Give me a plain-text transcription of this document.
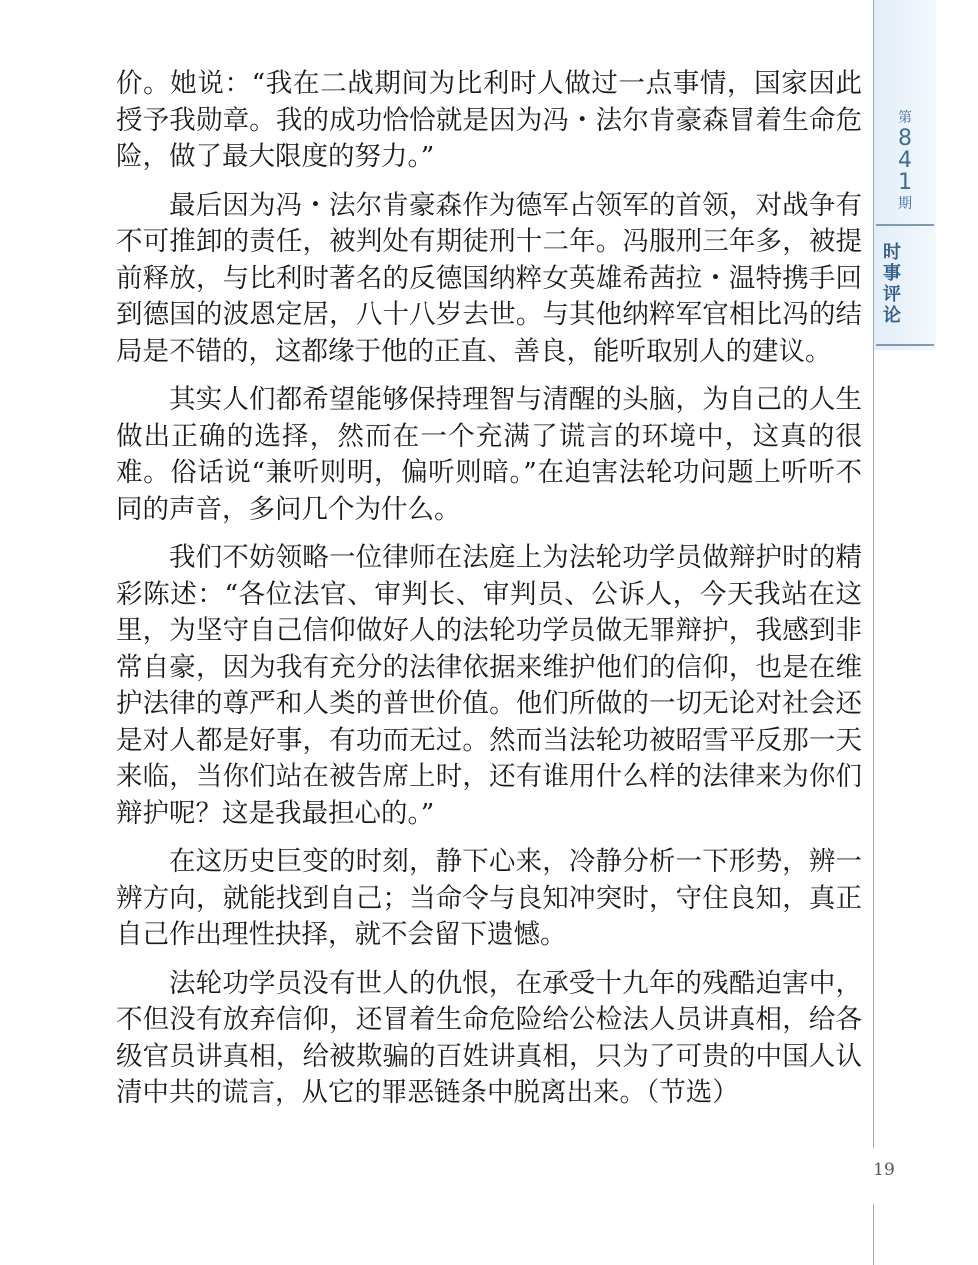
第
8
4
1
期
时
事
评
论

价。她说：“我在二战期间为比利时人做过一点事情，国家因此授予我勋章。我的成功恰恰就是因为冯・法尔肯豪森冒着生命危险，做了最大限度的努力。”

最后因为冯・法尔肯豪森作为德军占领军的首领，对战争有不可推卸的责任，被判处有期徒刑十二年。冯服刑三年多，被提前释放，与比利时著名的反德国纳粹女英雄希茜拉・温特携手回到德国的波恩定居，八十八岁去世。与其他纳粹军官相比冯的结局是不错的，这都缘于他的正直、善良，能听取别人的建议。

其实人们都希望能够保持理智与清醒的头脑，为自己的人生做出正确的选择，然而在一个充满了谎言的环境中，这真的很难。俗话说“兼听则明，偏听则暗。”在迫害法轮功问题上听听不同的声音，多问几个为什么。

我们不妨领略一位律师在法庭上为法轮功学员做辩护时的精彩陈述：“各位法官、审判长、审判员、公诉人，今天我站在这里，为坚守自己信仰做好人的法轮功学员做无罪辩护，我感到非常自豪，因为我有充分的法律依据来维护他们的信仰，也是在维护法律的尊严和人类的普世价值。他们所做的一切无论对社会还是对人都是好事，有功而无过。然而当法轮功被昭雪平反那一天来临，当你们站在被告席上时，还有谁用什么样的法律来为你们辩护呢？这是我最担心的。”

在这历史巨变的时刻，静下心来，冷静分析一下形势，辨一辨方向，就能找到自己；当命令与良知冲突时，守住良知，真正自己作出理性抉择，就不会留下遗憾。

法轮功学员没有世人的仇恨，在承受十九年的残酷迫害中，不但没有放弃信仰，还冒着生命危险给公检法人员讲真相，给各级官员讲真相，给被欺骗的百姓讲真相，只为了可贵的中国人认清中共的谎言，从它的罪恶链条中脱离出来。（节选）

19
